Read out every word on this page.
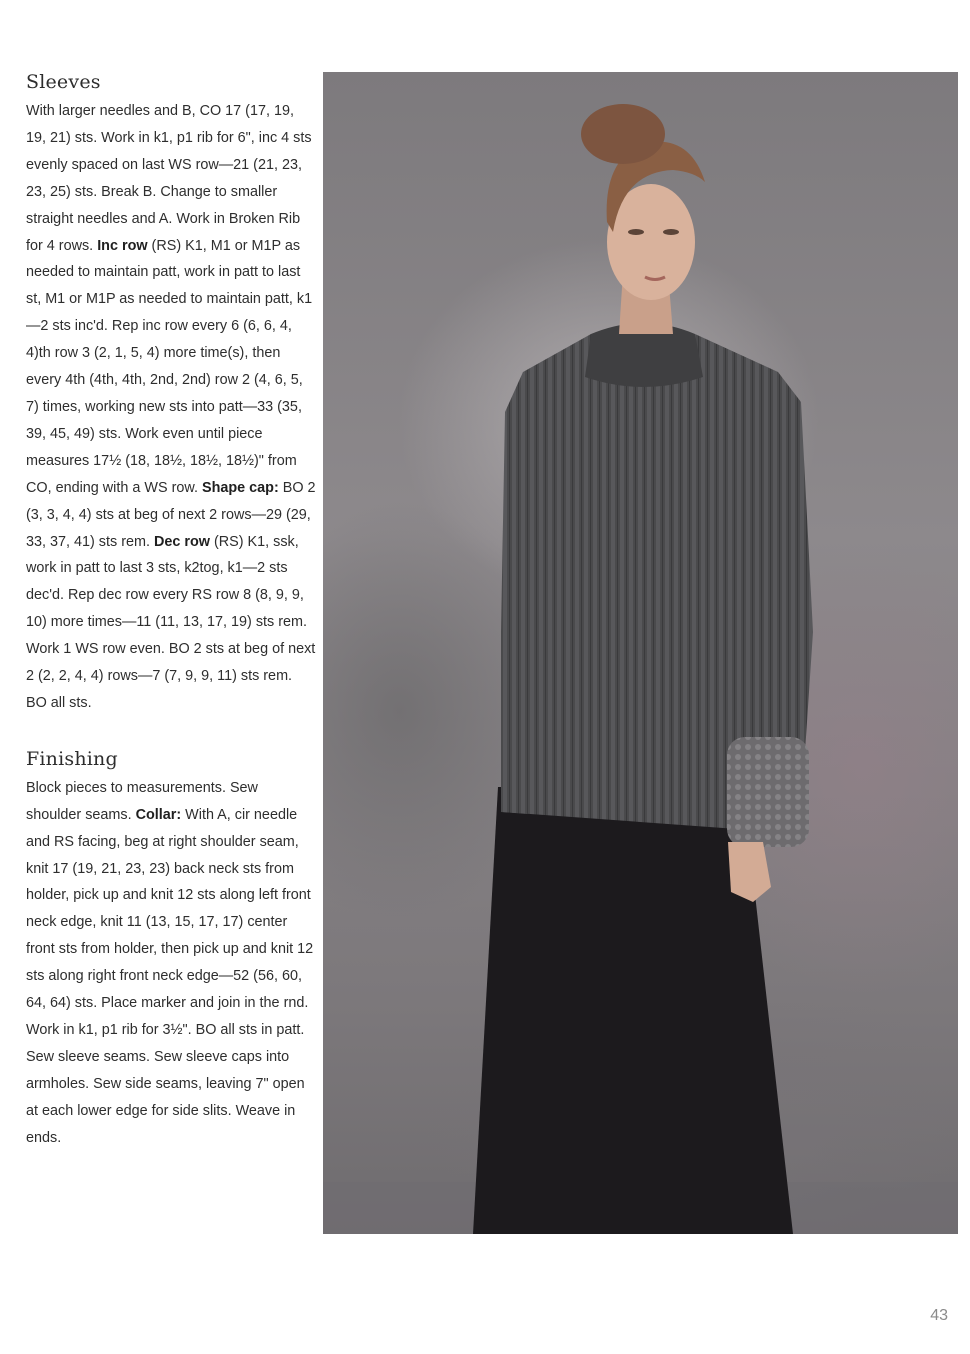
Sleeves

With larger needles and B, CO 17 (17, 19, 19, 21) sts. Work in k1, p1 rib for 6", inc 4 sts evenly spaced on last WS row—21 (21, 23, 23, 25) sts. Break B. Change to smaller straight needles and A. Work in Broken Rib for 4 rows. Inc row (RS) K1, M1 or M1P as needed to maintain patt, work in patt to last st, M1 or M1P as needed to maintain patt, k1—2 sts inc'd. Rep inc row every 6 (6, 6, 4, 4)th row 3 (2, 1, 5, 4) more time(s), then every 4th (4th, 4th, 2nd, 2nd) row 2 (4, 6, 5, 7) times, working new sts into patt—33 (35, 39, 45, 49) sts. Work even until piece measures 17½ (18, 18½, 18½, 18½)" from CO, ending with a WS row. Shape cap: BO 2 (3, 3, 4, 4) sts at beg of next 2 rows—29 (29, 33, 37, 41) sts rem. Dec row (RS) K1, ssk, work in patt to last 3 sts, k2tog, k1—2 sts dec'd. Rep dec row every RS row 8 (8, 9, 9, 10) more times—11 (11, 13, 17, 19) sts rem. Work 1 WS row even. BO 2 sts at beg of next 2 (2, 2, 4, 4) rows—7 (7, 9, 9, 11) sts rem. BO all sts.

Finishing

Block pieces to measurements. Sew shoulder seams. Collar: With A, cir needle and RS facing, beg at right shoulder seam, knit 17 (19, 21, 23, 23) back neck sts from holder, pick up and knit 12 sts along left front neck edge, knit 11 (13, 15, 17, 17) center front sts from holder, then pick up and knit 12 sts along right front neck edge—52 (56, 60, 64, 64) sts. Place marker and join in the rnd. Work in k1, p1 rib for 3½". BO all sts in patt. Sew sleeve seams. Sew sleeve caps into armholes. Sew side seams, leaving 7" open at each lower edge for side slits. Weave in ends.

43
